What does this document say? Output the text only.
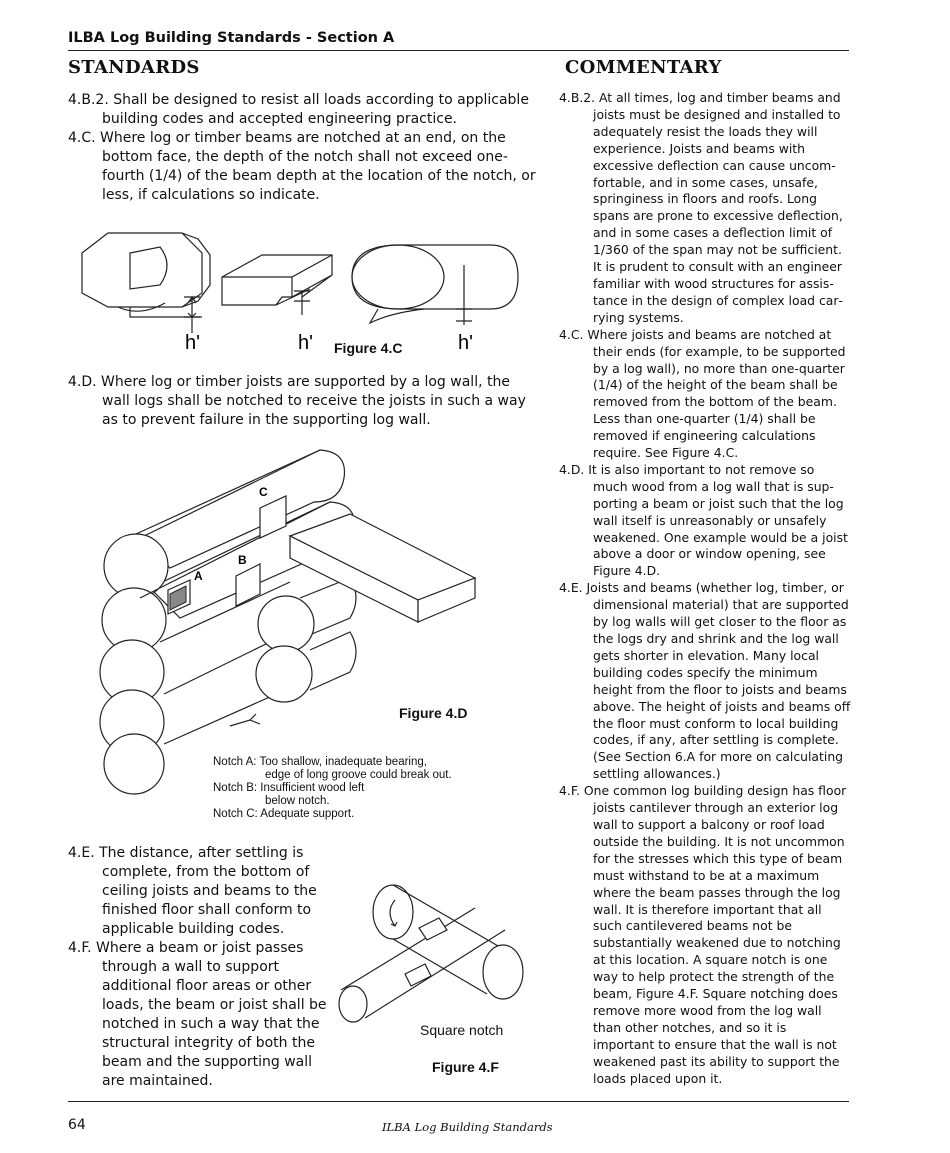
ILBA Log Building Standards - Section A
STANDARDS	COMMENTARY

4.B.2. Shall be designed to resist all loads according to applicable building codes and accepted engineering practice.

4.C. Where log or timber beams are notched at an end, on the bottom face, the depth of the notch shall not exceed one-fourth (1/4) of the beam depth at the location of the notch, or less, if calculations so indicate.

h'	h'	h'
Figure 4.C

4.D. Where log or timber joists are supported by a log wall, the wall logs shall be notched to receive the joists in such a way as to prevent failure in the supporting log wall.

A
B
C
Figure 4.D
Notch A: Too shallow, inadequate bearing,
edge of long groove could break out.
Notch B: Insufficient wood left
below notch.
Notch C: Adequate support.

4.E. The distance, after settling is complete, from the bottom of ceiling joists and beams to the finished floor shall conform to applicable building codes.

4.F. Where a beam or joist passes through a wall to support additional floor areas or other loads, the beam or joist shall be notched in such a way that the structural integrity of both the beam and the supporting wall are maintained.

Square notch
Figure 4.F

4.B.2. At all times, log and timber beams and joists must be designed and installed to adequately resist the loads they will experience. Joists and beams with excessive deflection can cause uncomfortable, and in some cases, unsafe, springiness in floors and roofs. Long spans are prone to excessive deflection, and in some cases a deflection limit of 1/360 of the span may not be sufficient. It is prudent to consult with an engineer familiar with wood structures for assistance in the design of complex load carrying systems.

4.C. Where joists and beams are notched at their ends (for example, to be supported by a log wall), no more than one-quarter (1/4) of the height of the beam shall be removed from the bottom of the beam. Less than one-quarter (1/4) shall be removed if engineering calculations require. See Figure 4.C.

4.D. It is also important to not remove so much wood from a log wall that is supporting a beam or joist such that the log wall itself is unreasonably or unsafely weakened. One example would be a joist above a door or window opening, see Figure 4.D.

4.E. Joists and beams (whether log, timber, or dimensional material) that are supported by log walls will get closer to the floor as the logs dry and shrink and the log wall gets shorter in elevation. Many local building codes specify the minimum height from the floor to joists and beams above. The height of joists and beams off the floor must conform to local building codes, if any, after settling is complete. (See Section 6.A for more on calculating settling allowances.)

4.F. One common log building design has floor joists cantilever through an exterior log wall to support a balcony or roof load outside the building. It is not uncommon for the stresses which this type of beam must withstand to be at a maximum where the beam passes through the log wall. It is therefore important that all such cantilevered beams not be substantially weakened due to notching at this location. A square notch is one way to help protect the strength of the beam, Figure 4.F. Square notching does remove more wood from the log wall than other notches, and so it is important to ensure that the wall is not weakened past its ability to support the loads placed upon it.

64	ILBA Log Building Standards
